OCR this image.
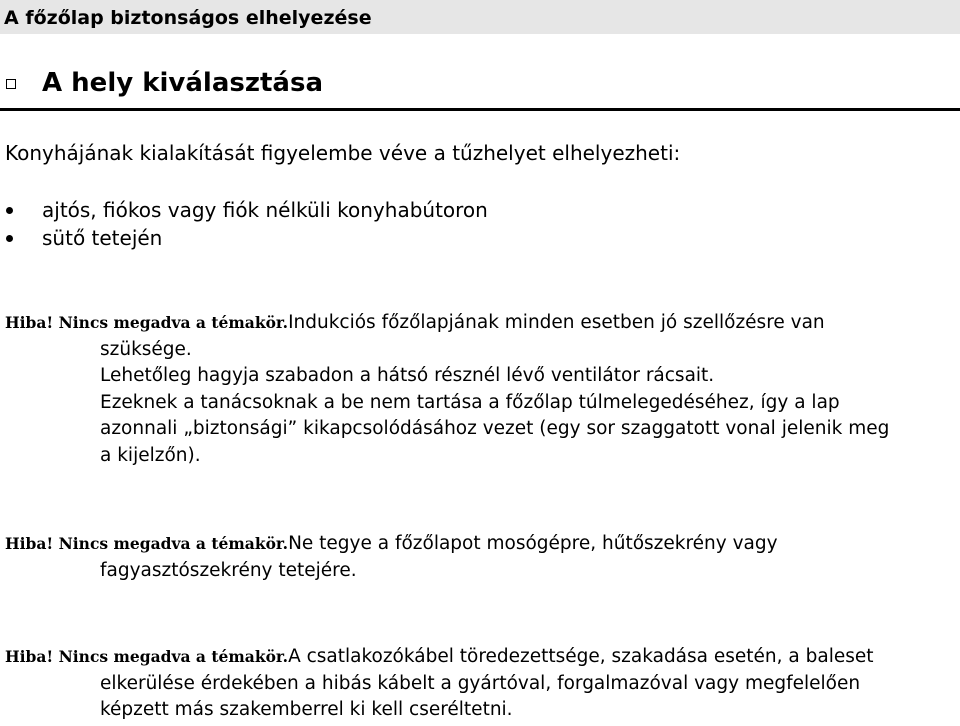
A főzőlap biztonságos elhelyezése
A hely kiválasztása
Konyhájának kialakítását figyelembe véve a tűzhelyet elhelyezheti:
ajtós, fiókos vagy fiók nélküli konyhabútoron
sütő tetején
Hiba! Nincs megadva a témakör.Indukciós főzőlapjának minden esetben jó szellőzésre van
szüksége.
Lehetőleg hagyja szabadon a hátsó résznél lévő ventilátor rácsait.
Ezeknek a tanácsoknak a be nem tartása a főzőlap túlmelegedéséhez, így a lap
azonnali „biztonsági” kikapcsolódásához vezet (egy sor szaggatott vonal jelenik meg
a kijelzőn).
Hiba! Nincs megadva a témakör.Ne tegye a főzőlapot mosógépre, hűtőszekrény vagy
fagyasztószekrény tetejére.
Hiba! Nincs megadva a témakör.A csatlakozókábel töredezettsége, szakadása esetén, a baleset
elkerülése érdekében a hibás kábelt a gyártóval, forgalmazóval vagy megfelelően
képzett más szakemberrel ki kell cseréltetni.
